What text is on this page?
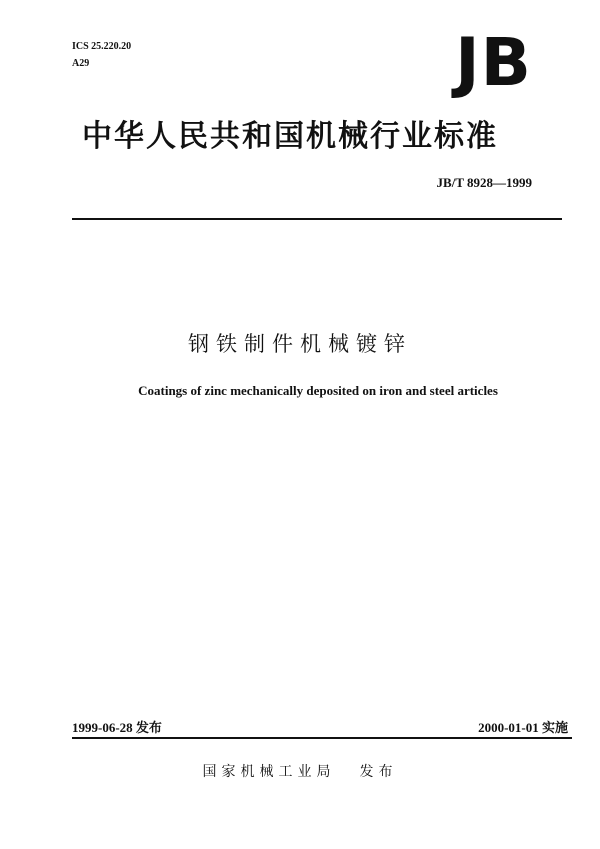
ICS 25.220.20
A29	JB
中华人民共和国机械行业标准
JB/T 8928—1999
钢铁制件机械镀锌
Coatings of zinc mechanically deposited on iron and steel articles
1999-06-28 发布	2000-01-01 实施
国家机械工业局 发布
